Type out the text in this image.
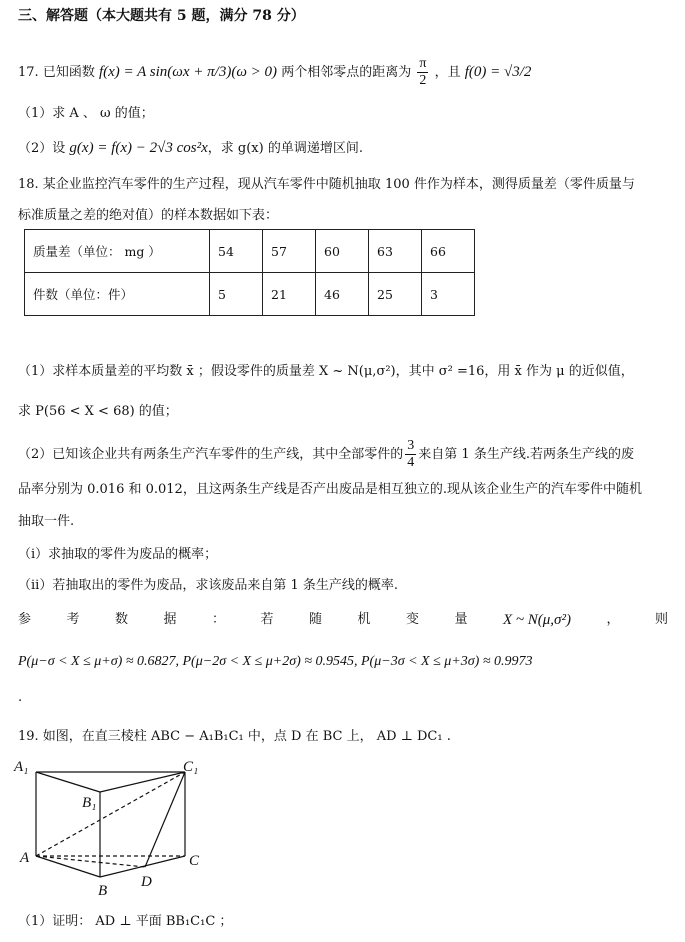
三、解答题（本大题共有 5 题，满分 78 分）
17. 已知函数 f(x) = A sin(ωx + π/3)(ω > 0) 两个相邻零点的距离为 $\frac{\pi}{2}$ ，且 f(0) = √3/2
（1）求 A 、 ω 的值；
（2）设 g(x) = f(x) − 2√3 cos²x，求 g(x) 的单调递增区间.
18. 某企业监控汽车零件的生产过程，现从汽车零件中随机抽取 100 件作为样本，测得质量差（零件质量与
标准质量之差的绝对值）的样本数据如下表：
质量差（单位： mg ）	54	57	60	63	66
件数（单位：件）	5	21	46	25	3
（1）求样本质量差的平均数 x̄ ；假设零件的质量差 X ~ N(μ,σ²)，其中 σ² =16，用 x̄ 作为 μ 的近似值，
求 P(56 < X < 68) 的值；
（2）已知该企业共有两条生产汽车零件的生产线，其中全部零件的 $\frac{3}{4}$ 来自第 1 条生产线.若两条生产线的废
品率分别为 0.016 和 0.012，且这两条生产线是否产出废品是相互独立的.现从该企业生产的汽车零件中随机
抽取一件.
（i）求抽取的零件为废品的概率；
（ii）若抽取出的零件为废品，求该废品来自第 1 条生产线的概率.
参	考	数	据	：	若	随	机	变	量 X ~ N(μ,σ²)	，	则
P(μ−σ < X ≤ μ+σ) ≈ 0.6827, P(μ−2σ < X ≤ μ+2σ) ≈ 0.9545, P(μ−3σ < X ≤ μ+3σ) ≈ 0.9973
.
19. 如图，在直三棱柱 ABC − A₁B₁C₁ 中，点 D 在 BC 上， AD ⊥ DC₁ .
A₁	C₁
B₁
A	C
B
D
（1）证明： AD ⊥ 平面 BB₁C₁C ；
